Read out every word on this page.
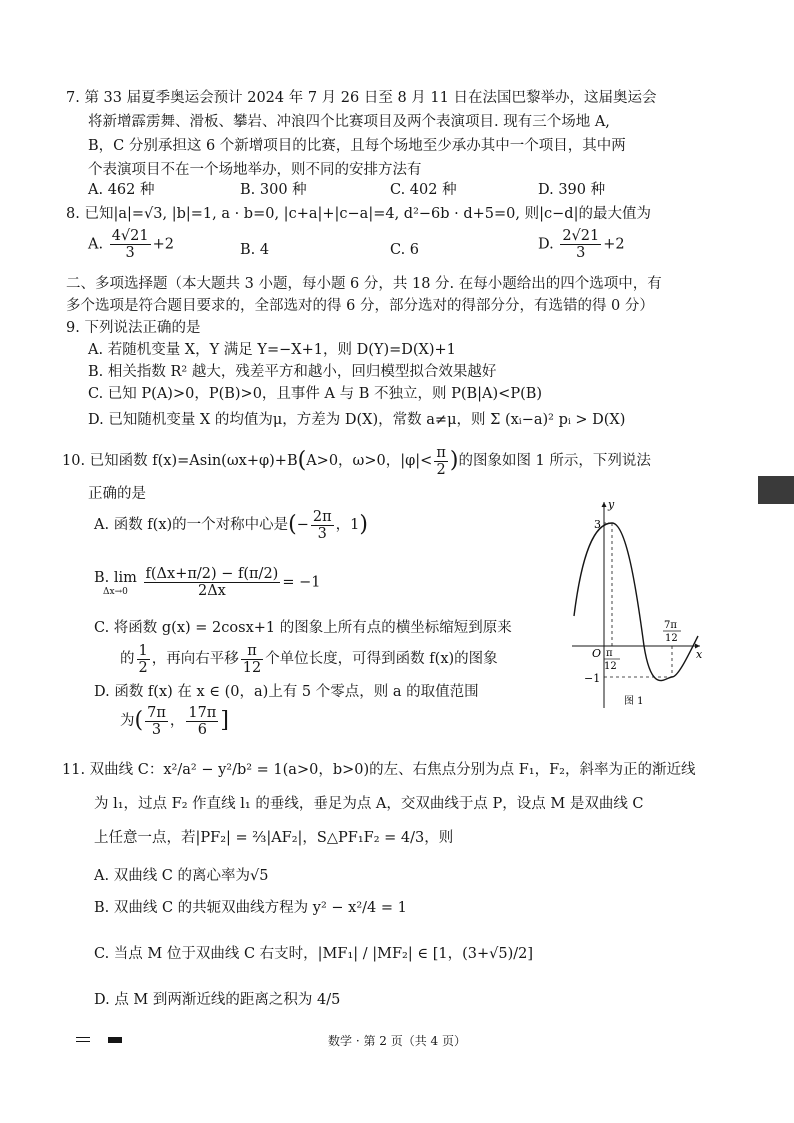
7. 第 33 届夏季奥运会预计 2024 年 7 月 26 日至 8 月 11 日在法国巴黎举办，这届奥运会
将新增霹雳舞、滑板、攀岩、冲浪四个比赛项目及两个表演项目. 现有三个场地 A,
B，C 分别承担这 6 个新增项目的比赛，且每个场地至少承办其中一个项目，其中两
个表演项目不在一个场地举办，则不同的安排方法有
A. 462 种	B. 300 种	C. 402 种	D. 390 种
8. 已知|a|=√3, |b|=1, a · b=0, |c+a|+|c−a|=4, d²−6b · d+5=0, 则|c−d|的最大值为
A. $\frac{4√21}{3} +2$	B. 4	C. 6	D. $\frac{2√21}{3} +2$
二、多项选择题（本大题共 3 小题，每小题 6 分，共 18 分. 在每小题给出的四个选项中，有
多个选项是符合题目要求的，全部选对的得 6 分，部分选对的得部分分，有选错的得 0 分）
9. 下列说法正确的是
A. 若随机变量 X，Y 满足 Y=−X+1，则 D(Y)=D(X)+1
B. 相关指数 R² 越大，残差平方和越小，回归模型拟合效果越好
C. 已知 P(A)>0，P(B)>0，且事件 A 与 B 不独立，则 P(B|A)<P(B)
D. 已知随机变量 X 的均值为μ，方差为 D(X)，常数 a≠μ，则 Σ (xᵢ−a)² pᵢ > D(X)
10. 已知函数 f(x)=Asin(ωx+φ)+B(A>0，ω>0，$|\varphi|< \frac{\pi}{2}$ )的图象如图 1 所示，下列说法
正确的是
A. 函数 f(x)的一个对称中心是(− $\frac{2\pi}{3}$ ，1)
B. lim
Δx→0
	$\frac{f(\Delta x+\pi/2) - f(\pi/2)}{2\Delta x} = -1$
C. 将函数 g(x) = 2cosx+1 的图象上所有点的横坐标缩短到原来
的 $\frac{1}{2}$ ，再向右平移 $\frac{\pi}{12}$ 个单位长度，可得到函数 f(x)的图象
D. 函数 f(x) 在 x ∈ (0，a)上有 5 个零点，则 a 的取值范围
为( $\frac{7\pi}{3}$ ， $\frac{17\pi}{6}$ ]
y
x
O
3
−1
π
12
7π
12
图 1
11. 双曲线 C：x²/a² − y²/b² = 1(a>0，b>0)的左、右焦点分别为点 F₁，F₂，斜率为正的渐近线
为 l₁，过点 F₂ 作直线 l₁ 的垂线，垂足为点 A，交双曲线于点 P，设点 M 是双曲线 C
上任意一点，若|PF₂| = ⅔|AF₂|，S△PF₁F₂ = 4/3，则
A. 双曲线 C 的离心率为√5
B. 双曲线 C 的共轭双曲线方程为 y² − x²/4 = 1
C. 当点 M 位于双曲线 C 右支时，|MF₁| / |MF₂| ∈ [1，(3+√5)/2]
D. 点 M 到两渐近线的距离之积为 4/5

数学 · 第 2 页（共 4 页）
